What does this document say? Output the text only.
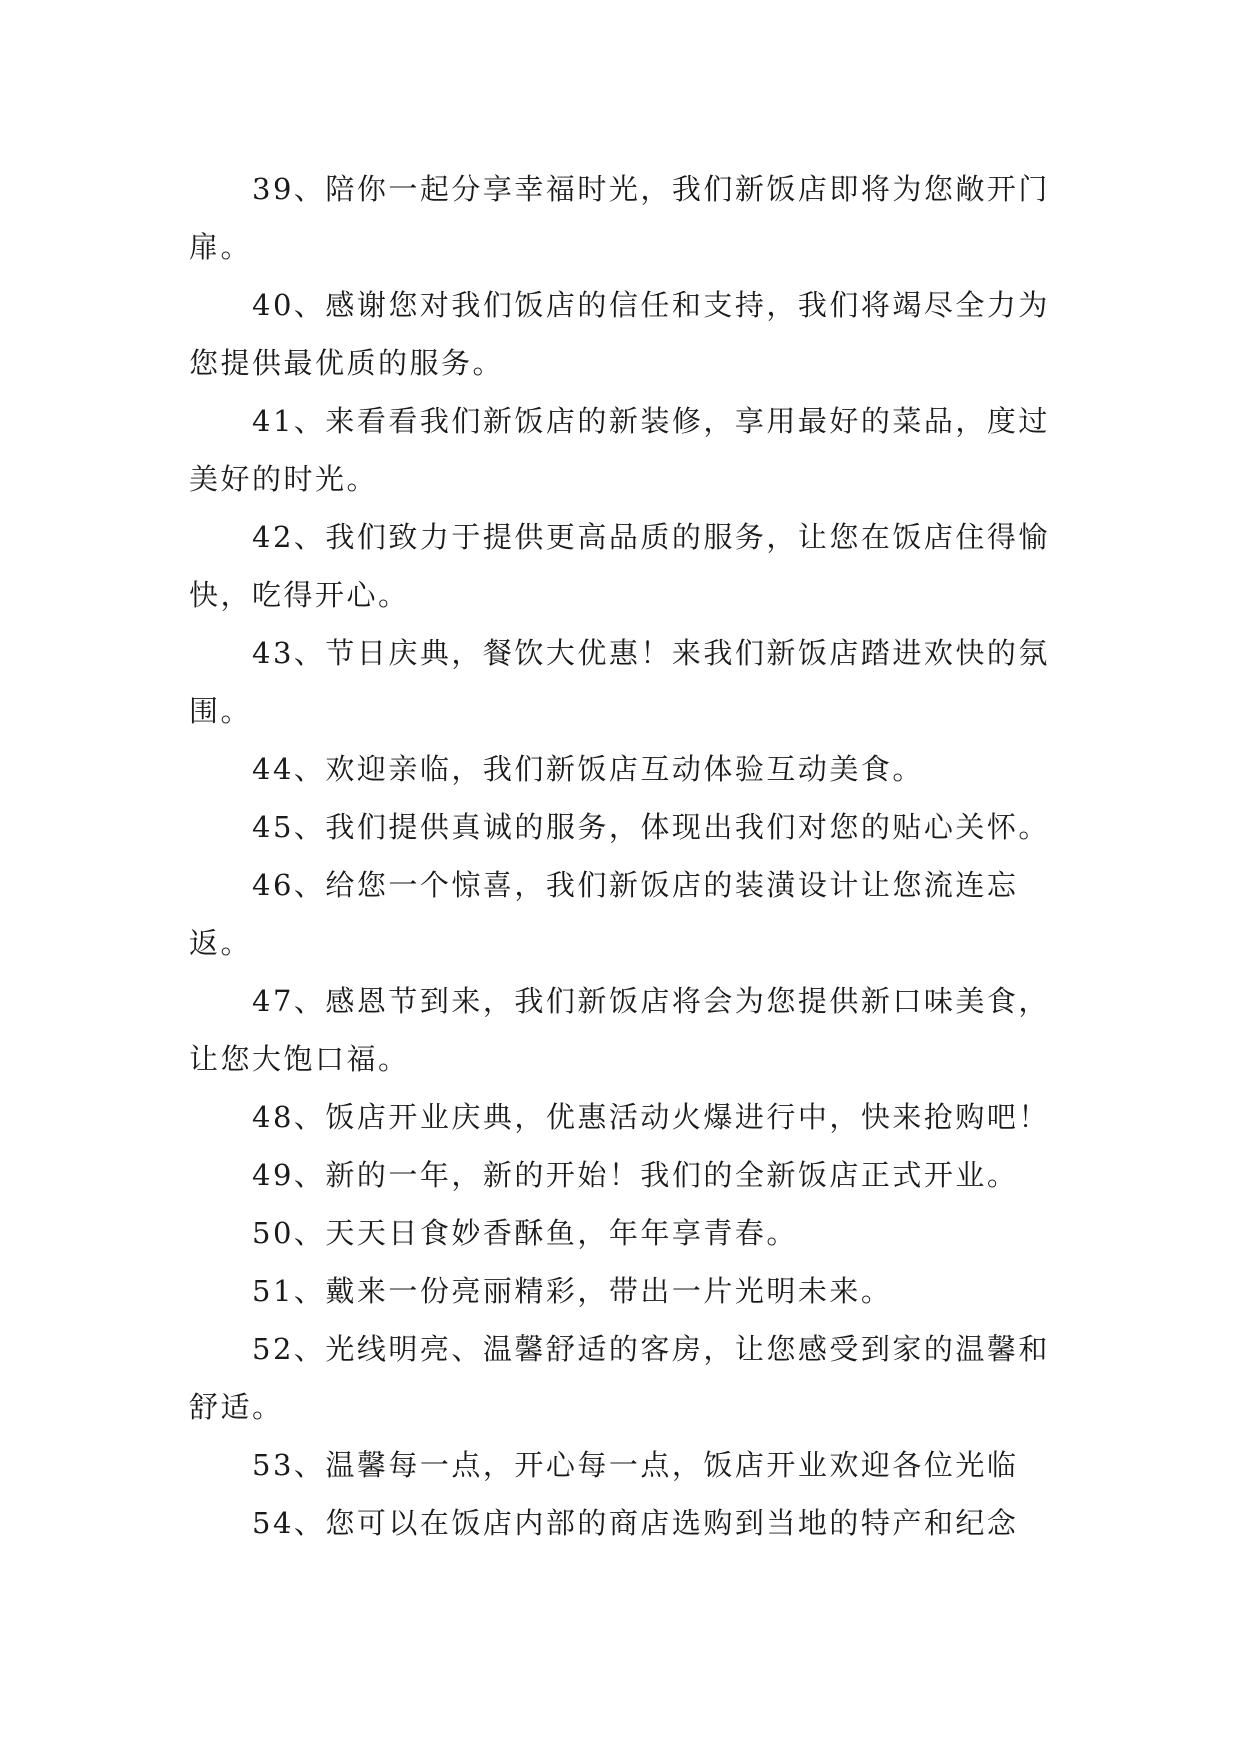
39、陪你一起分享幸福时光，我们新饭店即将为您敞开门扉。

40、感谢您对我们饭店的信任和支持，我们将竭尽全力为您提供最优质的服务。

41、来看看我们新饭店的新装修，享用最好的菜品，度过美好的时光。

42、我们致力于提供更高品质的服务，让您在饭店住得愉快，吃得开心。

43、节日庆典，餐饮大优惠！来我们新饭店踏进欢快的氛围。

44、欢迎亲临，我们新饭店互动体验互动美食。

45、我们提供真诚的服务，体现出我们对您的贴心关怀。

46、给您一个惊喜，我们新饭店的装潢设计让您流连忘返。

47、感恩节到来，我们新饭店将会为您提供新口味美食，让您大饱口福。

48、饭店开业庆典，优惠活动火爆进行中，快来抢购吧！

49、新的一年，新的开始！我们的全新饭店正式开业。

50、天天日食妙香酥鱼，年年享青春。

51、戴来一份亮丽精彩，带出一片光明未来。

52、光线明亮、温馨舒适的客房，让您感受到家的温馨和舒适。

53、温馨每一点，开心每一点，饭店开业欢迎各位光临

54、您可以在饭店内部的商店选购到当地的特产和纪念
